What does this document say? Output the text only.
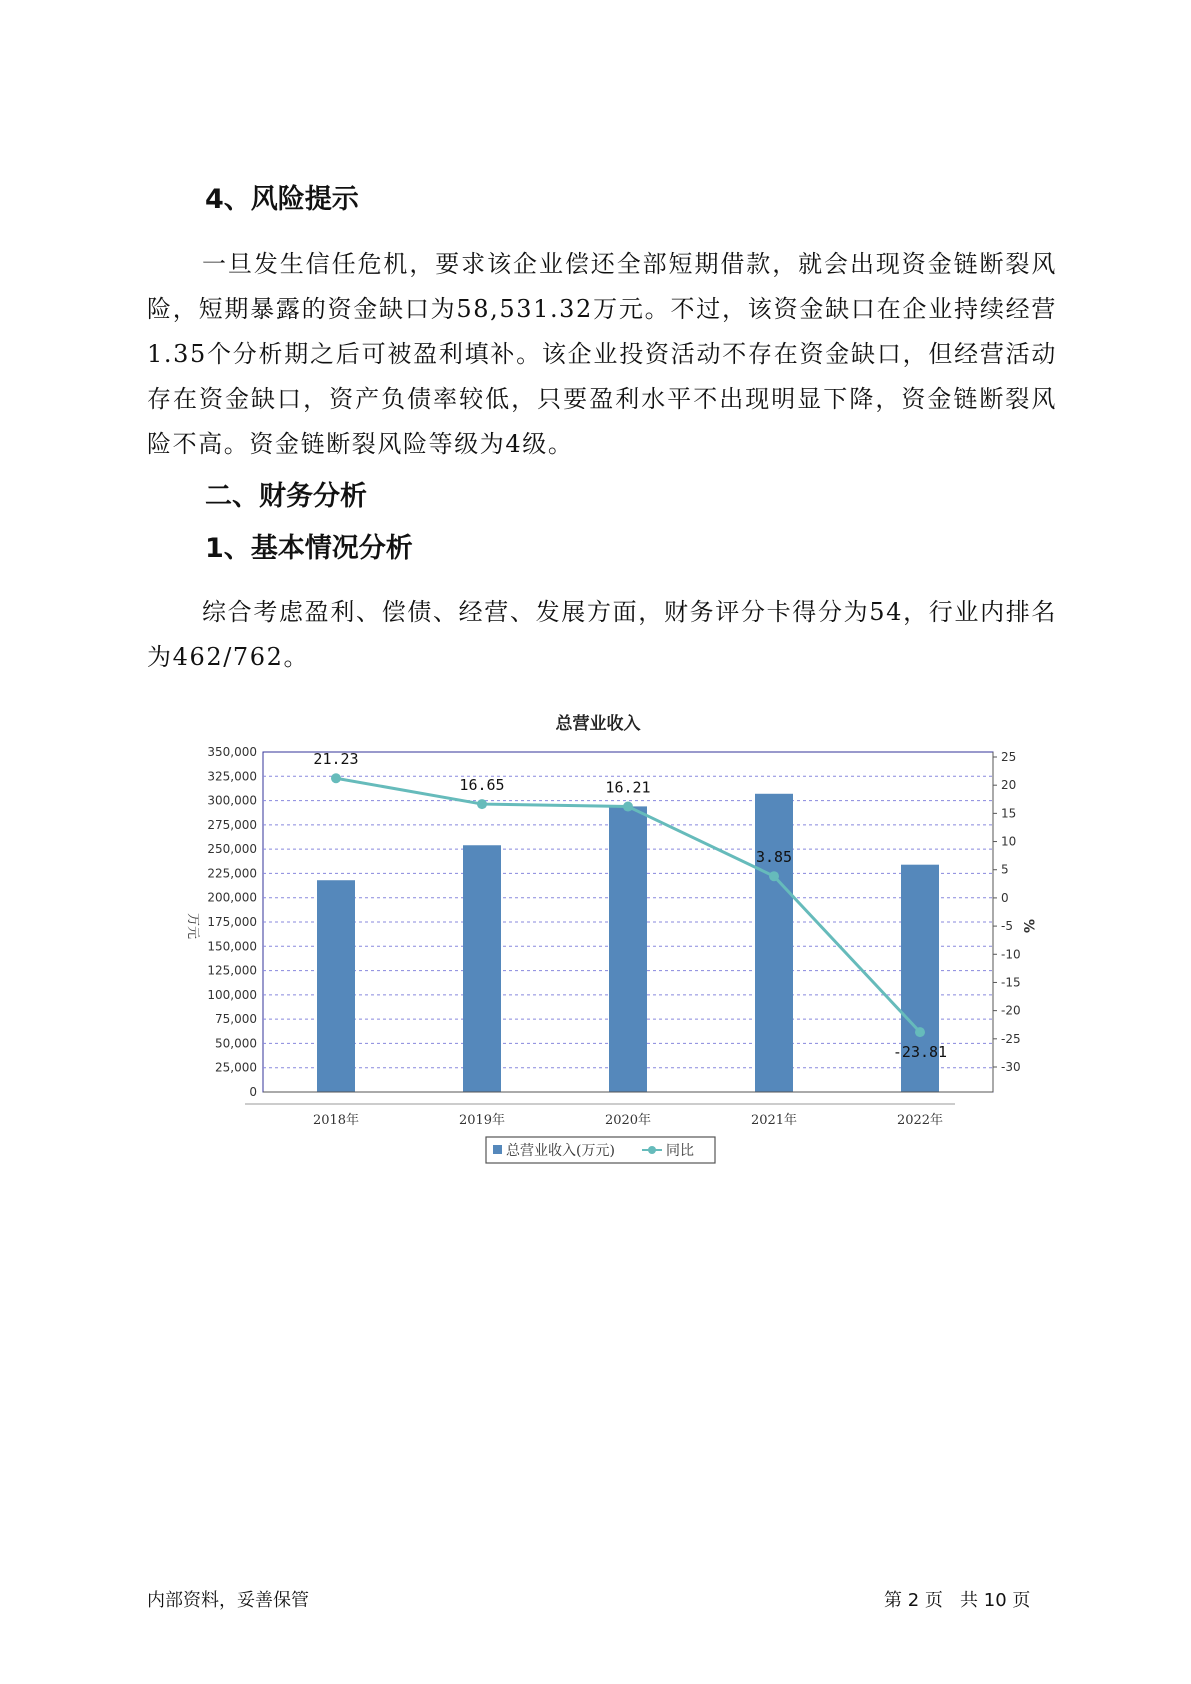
4、风险提示

一旦发生信任危机，要求该企业偿还全部短期借款，就会出现资金链断裂风险，短期暴露的资金缺口为58,531.32万元。不过，该资金缺口在企业持续经营 1.35个分析期之后可被盈利填补。该企业投资活动不存在资金缺口，但经营活动存在资金缺口，资产负债率较低，只要盈利水平不出现明显下降，资金链断裂风险不高。资金链断裂风险等级为4级。

二、财务分析
1、基本情况分析

综合考虑盈利、偿债、经营、发展方面，财务评分卡得分为54，行业内排名为462/762。

总营业收入
0
25,000
50,000
75,000
100,000
125,000
150,000
175,000
200,000
225,000
250,000
275,000
300,000
325,000
350,000
-30
-25
-20
-15
-10
-5
0
5
10
15
20
25
2018年	2019年	2020年	2021年	2022年
21.23
16.65	16.21
3.85
-23.81
万元	%
总营业收入(万元)	同比
内部资料，妥善保管	第 2 页   共 10 页
